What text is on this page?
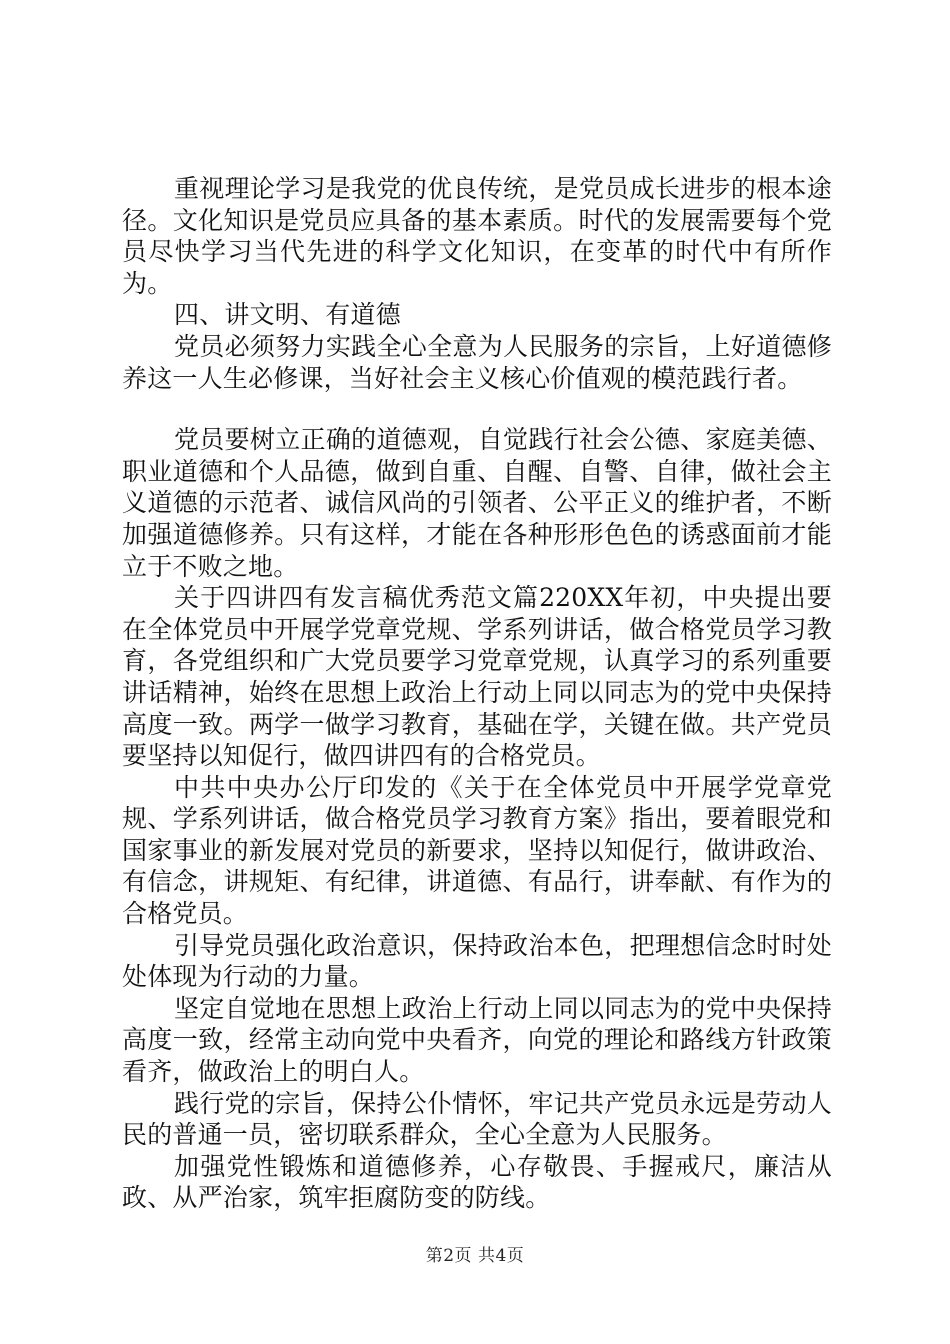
重视理论学习是我党的优良传统，是党员成长进步的根本途径。文化知识是党员应具备的基本素质。时代的发展需要每个党员尽快学习当代先进的科学文化知识，在变革的时代中有所作为。

四、讲文明、有道德

党员必须努力实践全心全意为人民服务的宗旨，上好道德修养这一人生必修课，当好社会主义核心价值观的模范践行者。

党员要树立正确的道德观，自觉践行社会公德、家庭美德、职业道德和个人品德，做到自重、自醒、自警、自律，做社会主义道德的示范者、诚信风尚的引领者、公平正义的维护者，不断加强道德修养。只有这样，才能在各种形形色色的诱惑面前才能立于不败之地。

关于四讲四有发言稿优秀范文篇220XX年初，中央提出要在全体党员中开展学党章党规、学系列讲话，做合格党员学习教育，各党组织和广大党员要学习党章党规，认真学习的系列重要讲话精神，始终在思想上政治上行动上同以同志为的党中央保持高度一致。两学一做学习教育，基础在学，关键在做。共产党员要坚持以知促行，做四讲四有的合格党员。

中共中央办公厅印发的《关于在全体党员中开展学党章党规、学系列讲话，做合格党员学习教育方案》指出，要着眼党和国家事业的新发展对党员的新要求，坚持以知促行，做讲政治、有信念，讲规矩、有纪律，讲道德、有品行，讲奉献、有作为的合格党员。

引导党员强化政治意识，保持政治本色，把理想信念时时处处体现为行动的力量。

坚定自觉地在思想上政治上行动上同以同志为的党中央保持高度一致，经常主动向党中央看齐，向党的理论和路线方针政策看齐，做政治上的明白人。

践行党的宗旨，保持公仆情怀，牢记共产党员永远是劳动人民的普通一员，密切联系群众，全心全意为人民服务。

加强党性锻炼和道德修养，心存敬畏、手握戒尺，廉洁从政、从严治家，筑牢拒腐防变的防线。

第2页 共4页
